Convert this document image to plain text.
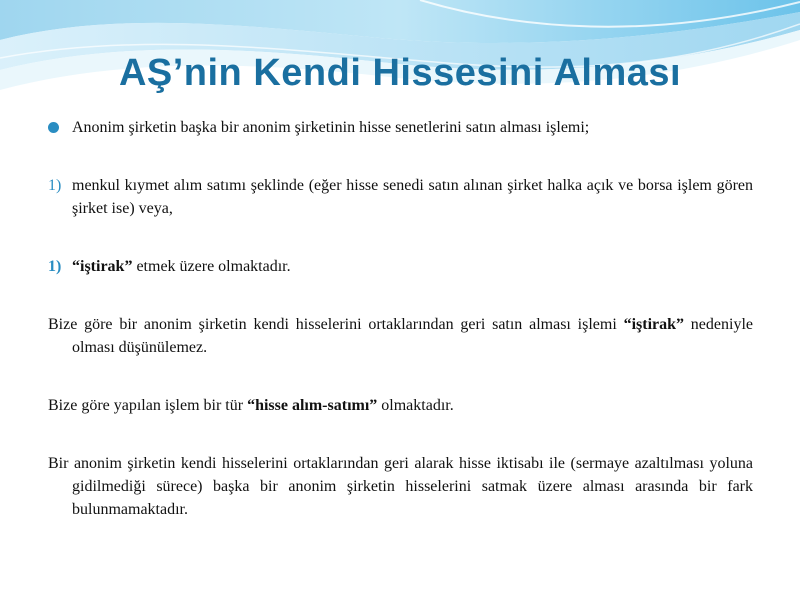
AŞ’nin Kendi Hissesini Alması

Anonim şirketin başka bir anonim şirketinin hisse senetlerini satın alması işlemi;

1) menkul kıymet alım satımı şeklinde (eğer hisse senedi satın alınan şirket halka açık ve borsa işlem gören şirket ise) veya,

1) “iştirak” etmek üzere olmaktadır.

Bize göre bir anonim şirketin kendi hisselerini ortaklarından geri satın alması işlemi “iştirak” nedeniyle olması düşünülemez.

Bize göre yapılan işlem bir tür “hisse alım-satımı” olmaktadır.

Bir anonim şirketin kendi hisselerini ortaklarından geri alarak hisse iktisabı ile (sermaye azaltılması yoluna gidilmediği sürece) başka bir anonim şirketin hisselerini satmak üzere alması arasında bir fark bulunmamaktadır.
